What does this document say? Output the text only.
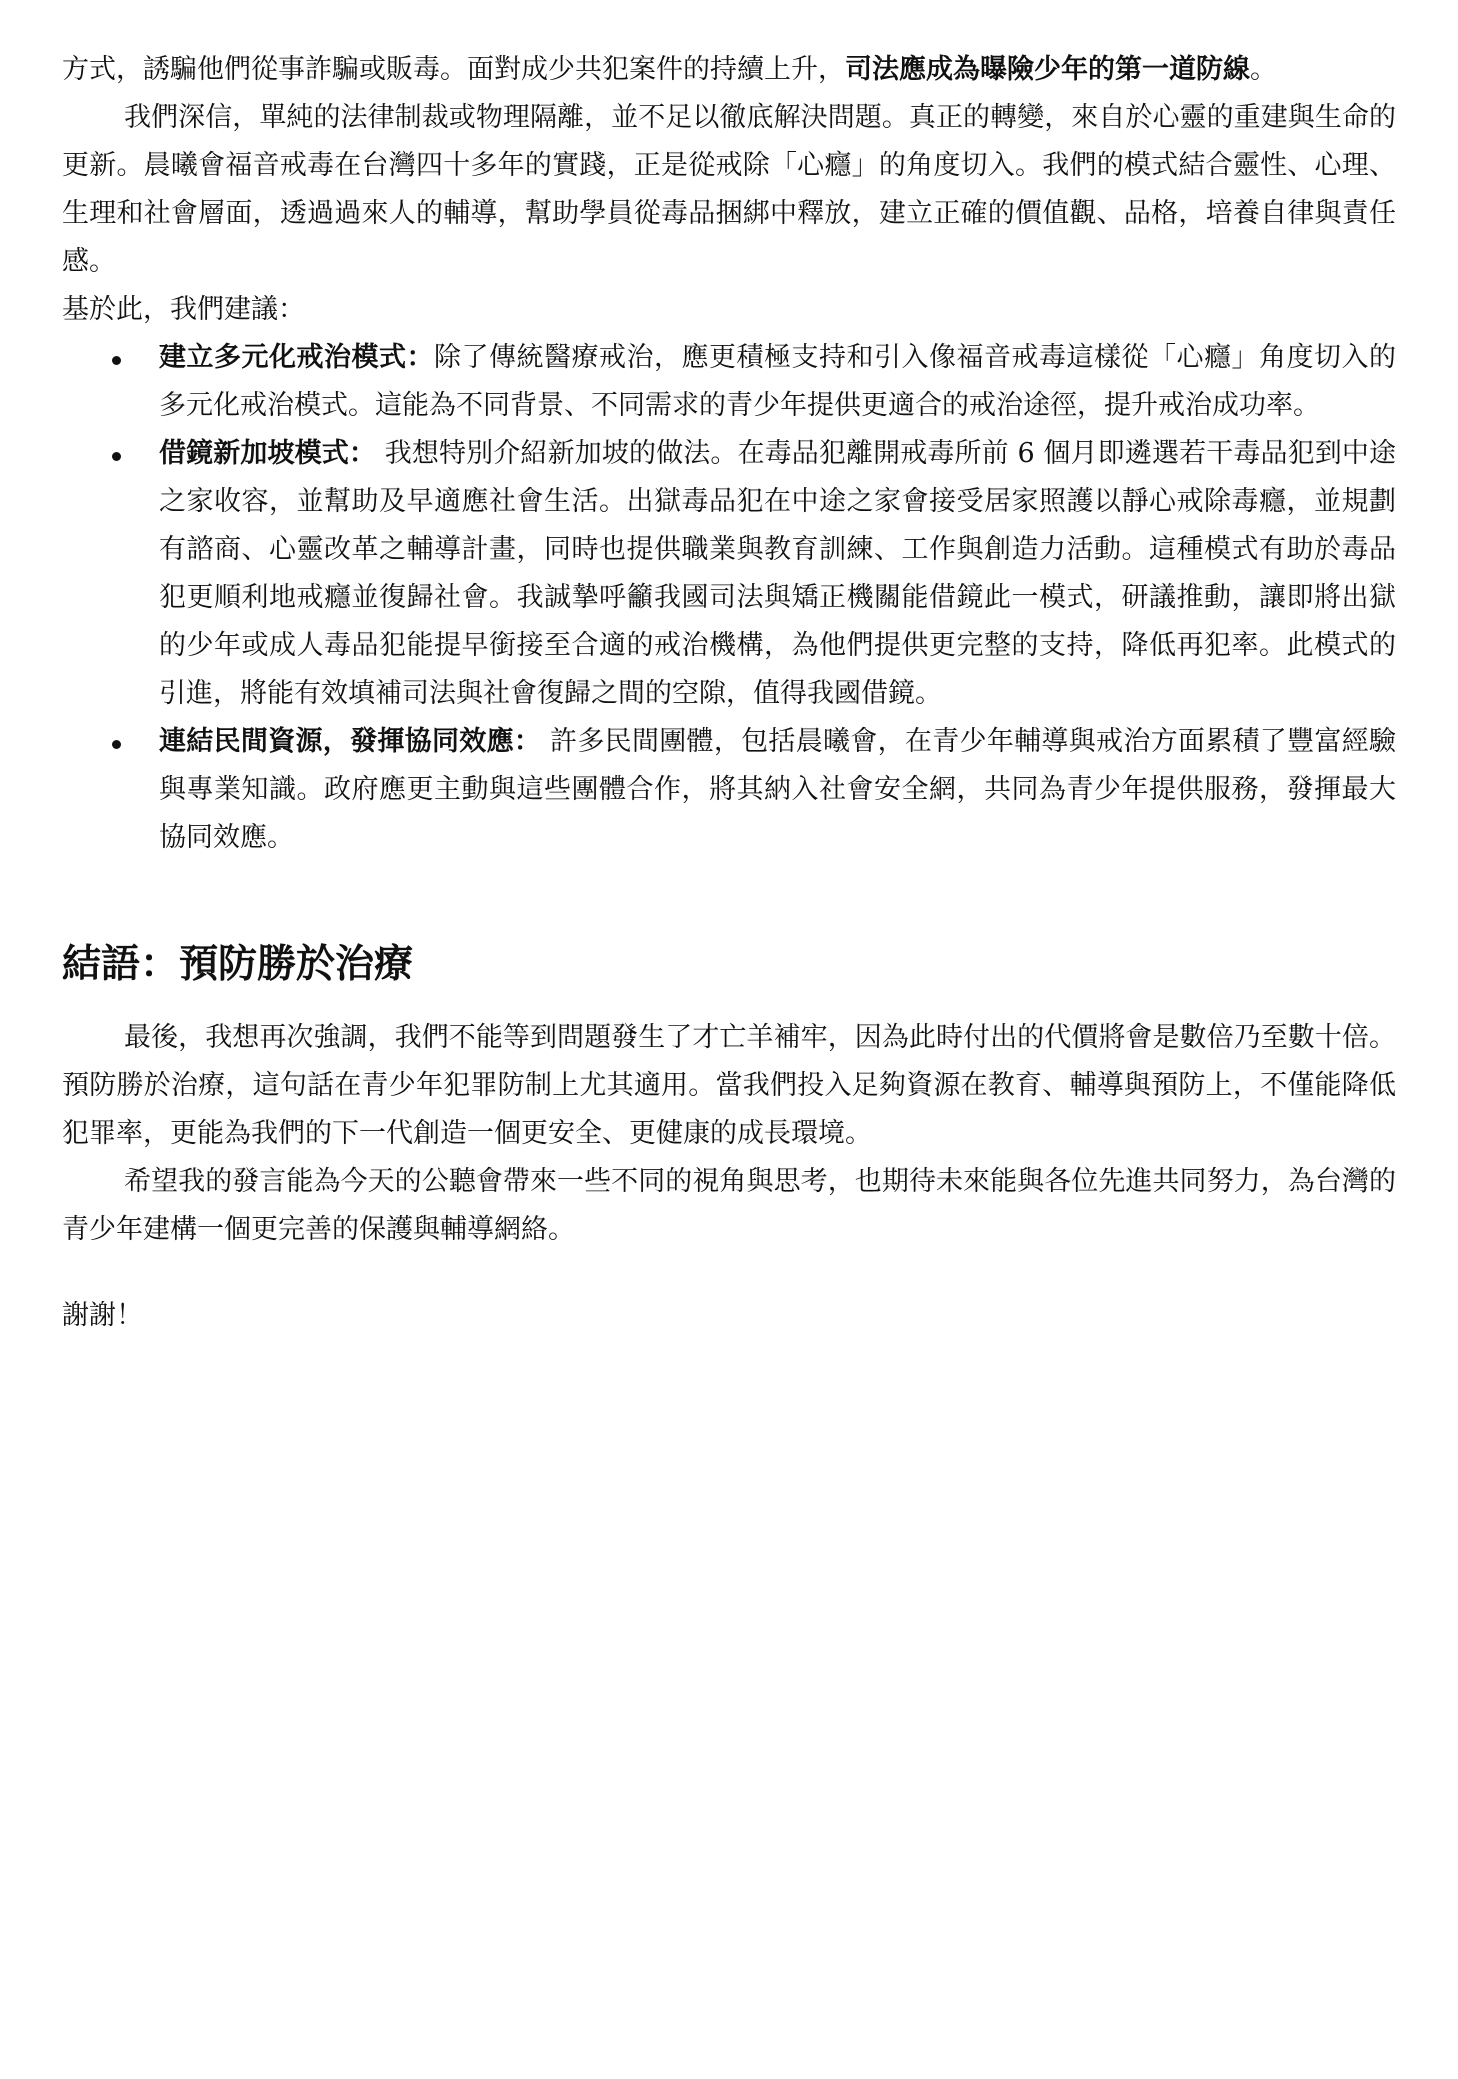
方式，誘騙他們從事詐騙或販毒。面對成少共犯案件的持續上升，司法應成為曝險少年的第一道防線。

我們深信，單純的法律制裁或物理隔離，並不足以徹底解決問題。真正的轉變，來自於心靈的重建與生命的更新。晨曦會福音戒毒在台灣四十多年的實踐，正是從戒除「心癮」的角度切入。我們的模式結合靈性、心理、生理和社會層面，透過過來人的輔導，幫助學員從毒品捆綁中釋放，建立正確的價值觀、品格，培養自律與責任感。

基於此，我們建議：

建立多元化戒治模式：除了傳統醫療戒治，應更積極支持和引入像福音戒毒這樣從「心癮」角度切入的多元化戒治模式。這能為不同背景、不同需求的青少年提供更適合的戒治途徑，提升戒治成功率。
借鏡新加坡模式： 我想特別介紹新加坡的做法。在毒品犯離開戒毒所前 6 個月即遴選若干毒品犯到中途之家收容，並幫助及早適應社會生活。出獄毒品犯在中途之家會接受居家照護以靜心戒除毒癮，並規劃有諮商、心靈改革之輔導計畫，同時也提供職業與教育訓練、工作與創造力活動。這種模式有助於毒品犯更順利地戒癮並復歸社會。我誠摯呼籲我國司法與矯正機關能借鏡此一模式，研議推動，讓即將出獄的少年或成人毒品犯能提早銜接至合適的戒治機構，為他們提供更完整的支持，降低再犯率。此模式的引進，將能有效填補司法與社會復歸之間的空隙，值得我國借鏡。
連結民間資源，發揮協同效應： 許多民間團體，包括晨曦會，在青少年輔導與戒治方面累積了豐富經驗與專業知識。政府應更主動與這些團體合作，將其納入社會安全網，共同為青少年提供服務，發揮最大協同效應。
結語：預防勝於治療

最後，我想再次強調，我們不能等到問題發生了才亡羊補牢，因為此時付出的代價將會是數倍乃至數十倍。預防勝於治療，這句話在青少年犯罪防制上尤其適用。當我們投入足夠資源在教育、輔導與預防上，不僅能降低犯罪率，更能為我們的下一代創造一個更安全、更健康的成長環境。

希望我的發言能為今天的公聽會帶來一些不同的視角與思考，也期待未來能與各位先進共同努力，為台灣的青少年建構一個更完善的保護與輔導網絡。

謝謝！
